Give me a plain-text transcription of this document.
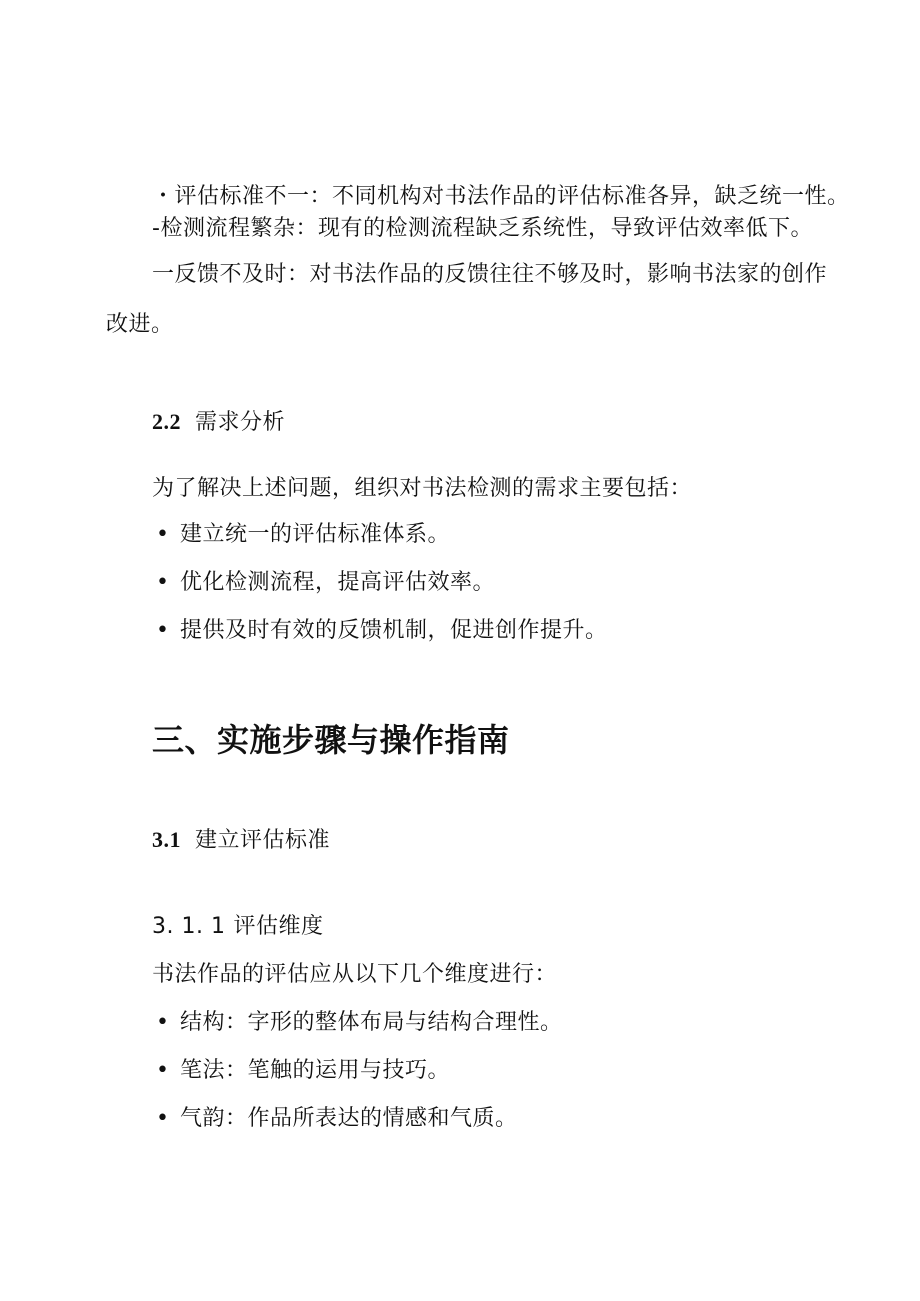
・评估标准不一：不同机构对书法作品的评估标准各异，缺乏统一性。
-检测流程繁杂：现有的检测流程缺乏系统性，导致评估效率低下。
一反馈不及时：对书法作品的反馈往往不够及时，影响书法家的创作
改进。
2.2 需求分析
为了解决上述问题，组织对书法检测的需求主要包括：
• 建立统一的评估标准体系。
• 优化检测流程，提高评估效率。
• 提供及时有效的反馈机制，促进创作提升。
三、实施步骤与操作指南
3.1 建立评估标准
3. 1. 1 评估维度
书法作品的评估应从以下几个维度进行：
• 结构：字形的整体布局与结构合理性。
• 笔法：笔触的运用与技巧。
• 气韵：作品所表达的情感和气质。
